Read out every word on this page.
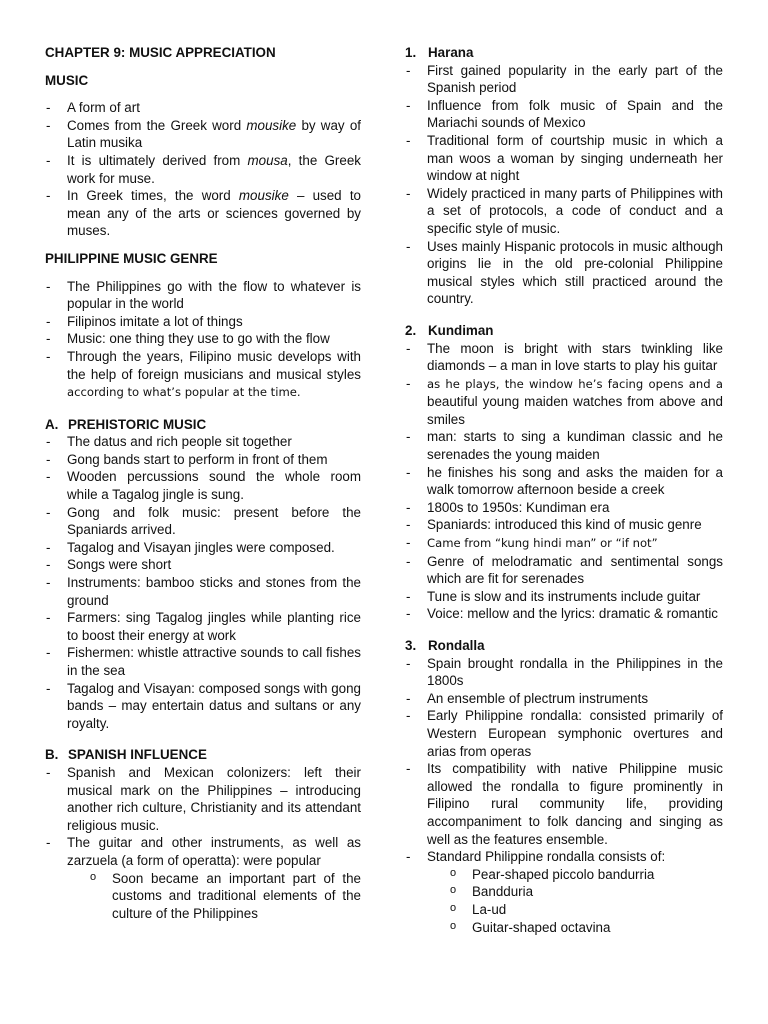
CHAPTER 9: MUSIC APPRECIATION
MUSIC
- A form of art
- Comes from the Greek word mousike by way of Latin musika
- It is ultimately derived from mousa, the Greek work for muse.
- In Greek times, the word mousike – used to mean any of the arts or sciences governed by muses.
PHILIPPINE MUSIC GENRE
- The Philippines go with the flow to whatever is popular in the world
- Filipinos imitate a lot of things
- Music: one thing they use to go with the flow
- Through the years, Filipino music develops with the help of foreign musicians and musical styles according to what’s popular at the time.
A. PREHISTORIC MUSIC
- The datus and rich people sit together
- Gong bands start to perform in front of them
- Wooden percussions sound the whole room while a Tagalog jingle is sung.
- Gong and folk music: present before the Spaniards arrived.
- Tagalog and Visayan jingles were composed.
- Songs were short
- Instruments: bamboo sticks and stones from the ground
- Farmers: sing Tagalog jingles while planting rice to boost their energy at work
- Fishermen: whistle attractive sounds to call fishes in the sea
- Tagalog and Visayan: composed songs with gong bands – may entertain datus and sultans or any royalty.
B. SPANISH INFLUENCE
- Spanish and Mexican colonizers: left their musical mark on the Philippines – introducing another rich culture, Christianity and its attendant religious music.
- The guitar and other instruments, as well as zarzuela (a form of operatta): were popular
o Soon became an important part of the customs and traditional elements of the culture of the Philippines
1. Harana
- First gained popularity in the early part of the Spanish period
- Influence from folk music of Spain and the Mariachi sounds of Mexico
- Traditional form of courtship music in which a man woos a woman by singing underneath her window at night
- Widely practiced in many parts of Philippines with a set of protocols, a code of conduct and a specific style of music.
- Uses mainly Hispanic protocols in music although origins lie in the old pre-colonial Philippine musical styles which still practiced around the country.
2. Kundiman
- The moon is bright with stars twinkling like diamonds – a man in love starts to play his guitar
- as he plays, the window he’s facing opens and a beautiful young maiden watches from above and smiles
- man: starts to sing a kundiman classic and he serenades the young maiden
- he finishes his song and asks the maiden for a walk tomorrow afternoon beside a creek
- 1800s to 1950s: Kundiman era
- Spaniards: introduced this kind of music genre
- Came from “kung hindi man” or “if not”
- Genre of melodramatic and sentimental songs which are fit for serenades
- Tune is slow and its instruments include guitar
- Voice: mellow and the lyrics: dramatic & romantic
3. Rondalla
- Spain brought rondalla in the Philippines in the 1800s
- An ensemble of plectrum instruments
- Early Philippine rondalla: consisted primarily of Western European symphonic overtures and arias from operas
- Its compatibility with native Philippine music allowed the rondalla to figure prominently in Filipino rural community life, providing accompaniment to folk dancing and singing as well as the features ensemble.
- Standard Philippine rondalla consists of:
o Pear-shaped piccolo bandurria
o Bandduria
o La-ud
o Guitar-shaped octavina
